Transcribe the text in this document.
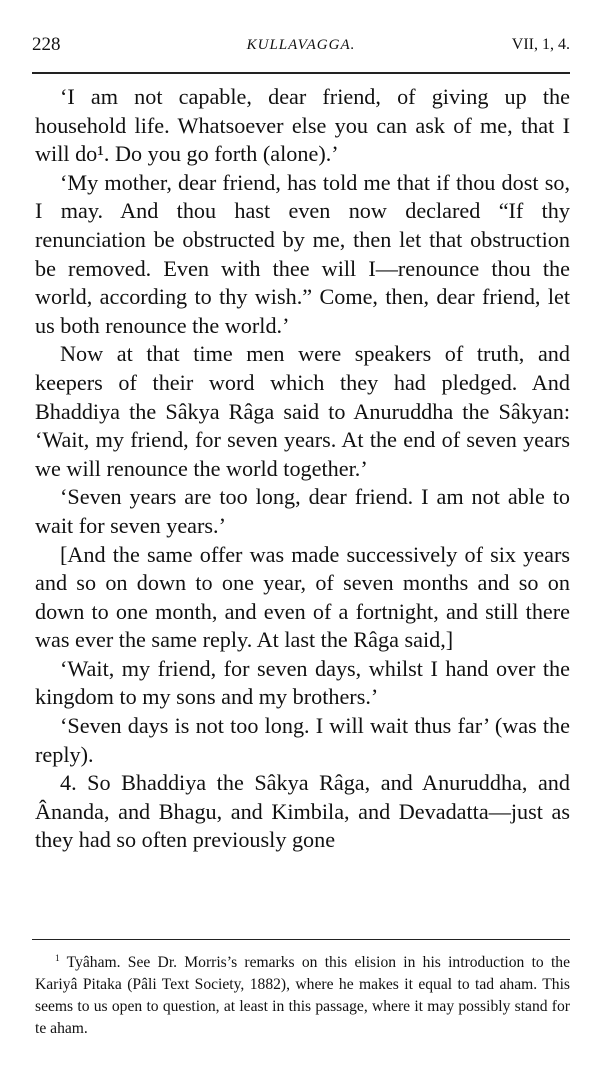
228	KULLAVAGGA.	VII, 1, 4.

‘I am not capable, dear friend, of giving up the household life. Whatsoever else you can ask of me, that I will do¹. Do you go forth (alone).’

‘My mother, dear friend, has told me that if thou dost so, I may. And thou hast even now declared “If thy renunciation be obstructed by me, then let that obstruction be removed. Even with thee will I—renounce thou the world, according to thy wish.” Come, then, dear friend, let us both renounce the world.’

Now at that time men were speakers of truth, and keepers of their word which they had pledged. And Bhaddiya the Sâkya Râga said to Anuruddha the Sâkyan: ‘Wait, my friend, for seven years. At the end of seven years we will renounce the world together.’

‘Seven years are too long, dear friend. I am not able to wait for seven years.’

[And the same offer was made successively of six years and so on down to one year, of seven months and so on down to one month, and even of a fortnight, and still there was ever the same reply. At last the Râga said,]

‘Wait, my friend, for seven days, whilst I hand over the kingdom to my sons and my brothers.’

‘Seven days is not too long. I will wait thus far’ (was the reply).

4. So Bhaddiya the Sâkya Râga, and Anuruddha, and Ânanda, and Bhagu, and Kimbila, and Devadatta—just as they had so often previously gone

$^1$ Tyâham. See Dr. Morris’s remarks on this elision in his introduction to the Kariyâ Pitaka (Pâli Text Society, 1882), where he makes it equal to tad aham. This seems to us open to question, at least in this passage, where it may possibly stand for te aham.
